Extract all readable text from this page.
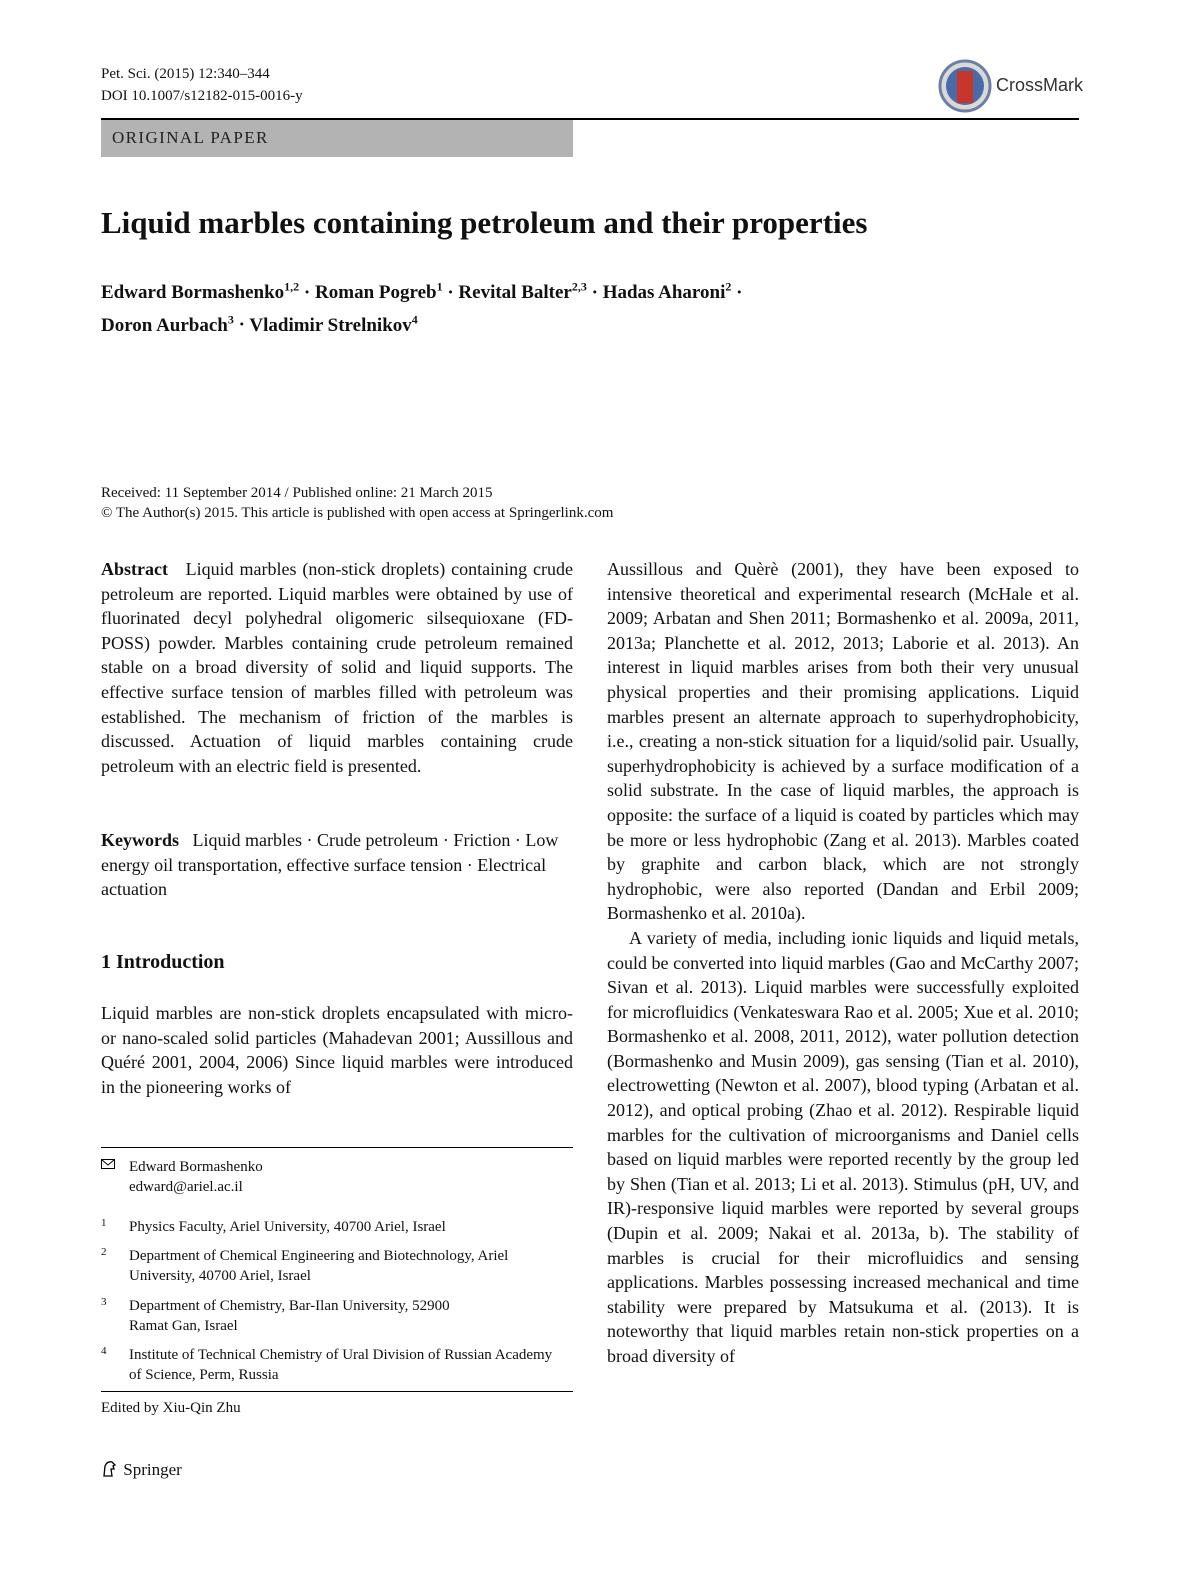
Pet. Sci. (2015) 12:340–344
DOI 10.1007/s12182-015-0016-y
CrossMark
ORIGINAL PAPER
Liquid marbles containing petroleum and their properties
Edward Bormashenko$^{1,2}$ · Roman Pogreb$^1$ · Revital Balter$^{2,3}$ · Hadas Aharoni$^2$ ·
Doron Aurbach$^3$ · Vladimir Strelnikov$^4$
Received: 11 September 2014 / Published online: 21 March 2015
© The Author(s) 2015. This article is published with open access at Springerlink.com

Abstract Liquid marbles (non-stick droplets) containing crude petroleum are reported. Liquid marbles were obtained by use of fluorinated decyl polyhedral oligomeric silsequioxane (FD-POSS) powder. Marbles containing crude petroleum remained stable on a broad diversity of solid and liquid supports. The effective surface tension of marbles filled with petroleum was established. The mechanism of friction of the marbles is discussed. Actuation of liquid marbles containing crude petroleum with an electric field is presented.

Keywords Liquid marbles · Crude petroleum · Friction · Low energy oil transportation, effective surface tension · Electrical actuation

1 Introduction

Liquid marbles are non-stick droplets encapsulated with micro- or nano-scaled solid particles (Mahadevan 2001; Aussillous and Quéré 2001, 2004, 2006) Since liquid marbles were introduced in the pioneering works of

Edward Bormashenko
edward@ariel.ac.il
1 Physics Faculty, Ariel University, 40700 Ariel, Israel
2 Department of Chemical Engineering and Biotechnology, Ariel University, 40700 Ariel, Israel
3 Department of Chemistry, Bar-Ilan University, 52900 Ramat Gan, Israel
4 Institute of Technical Chemistry of Ural Division of Russian Academy of Science, Perm, Russia
Edited by Xiu-Qin Zhu
Springer

Aussillous and Quèrè (2001), they have been exposed to intensive theoretical and experimental research (McHale et al. 2009; Arbatan and Shen 2011; Bormashenko et al. 2009a, 2011, 2013a; Planchette et al. 2012, 2013; Laborie et al. 2013). An interest in liquid marbles arises from both their very unusual physical properties and their promising applications. Liquid marbles present an alternate approach to superhydrophobicity, i.e., creating a non-stick situation for a liquid/solid pair. Usually, superhydrophobicity is achieved by a surface modification of a solid substrate. In the case of liquid marbles, the approach is opposite: the surface of a liquid is coated by particles which may be more or less hydrophobic (Zang et al. 2013). Marbles coated by graphite and carbon black, which are not strongly hydrophobic, were also reported (Dandan and Erbil 2009; Bormashenko et al. 2010a).

A variety of media, including ionic liquids and liquid metals, could be converted into liquid marbles (Gao and McCarthy 2007; Sivan et al. 2013). Liquid marbles were successfully exploited for microfluidics (Venkateswara Rao et al. 2005; Xue et al. 2010; Bormashenko et al. 2008, 2011, 2012), water pollution detection (Bormashenko and Musin 2009), gas sensing (Tian et al. 2010), electrowetting (Newton et al. 2007), blood typing (Arbatan et al. 2012), and optical probing (Zhao et al. 2012). Respirable liquid marbles for the cultivation of microorganisms and Daniel cells based on liquid marbles were reported recently by the group led by Shen (Tian et al. 2013; Li et al. 2013). Stimulus (pH, UV, and IR)-responsive liquid marbles were reported by several groups (Dupin et al. 2009; Nakai et al. 2013a, b). The stability of marbles is crucial for their microfluidics and sensing applications. Marbles possessing increased mechanical and time stability were prepared by Matsukuma et al. (2013). It is noteworthy that liquid marbles retain non-stick properties on a broad diversity of
